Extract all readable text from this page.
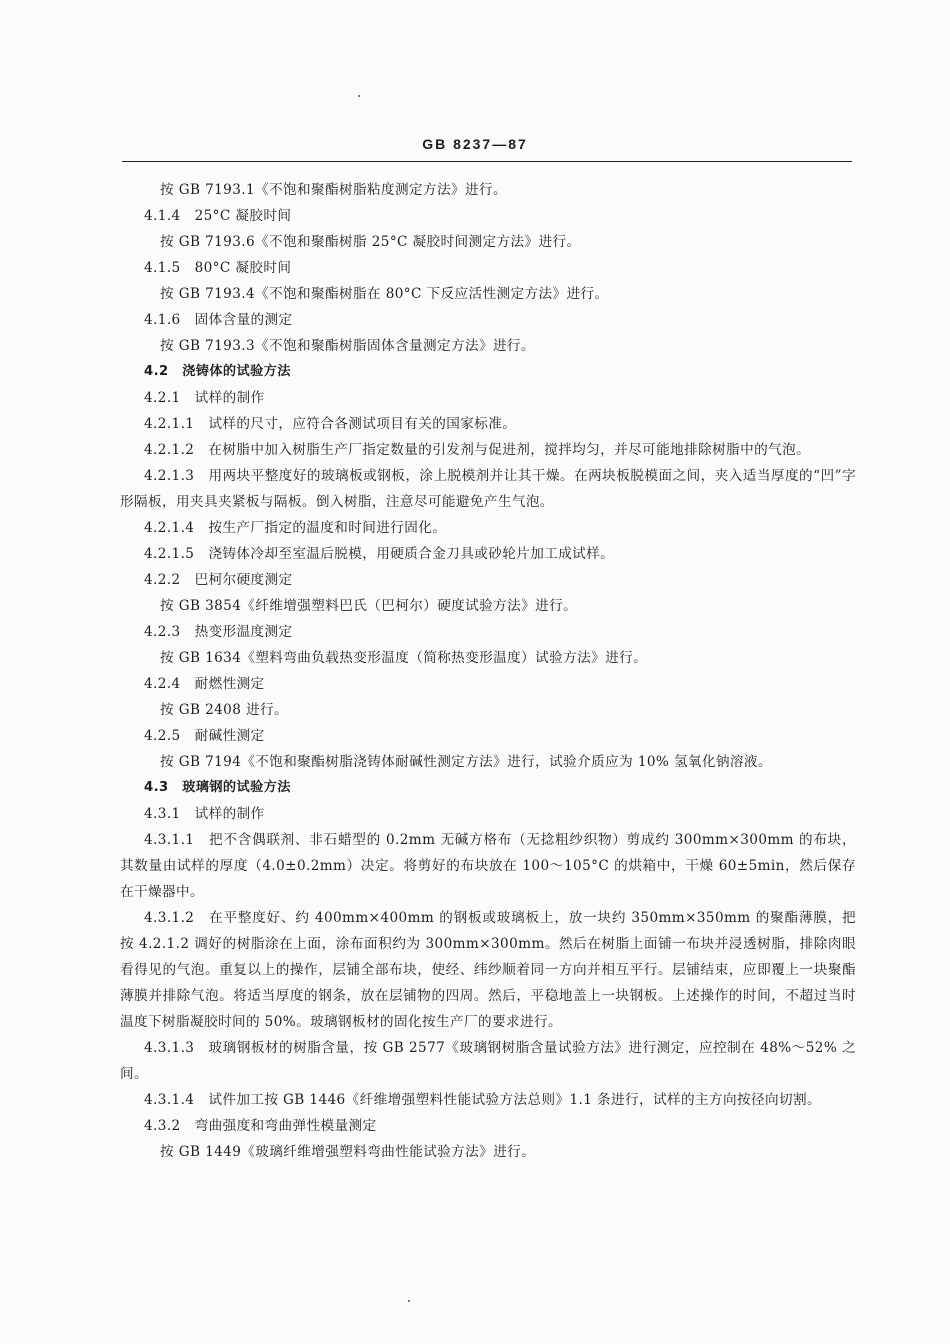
GB 8237—87

按 GB 7193.1《不饱和聚酯树脂粘度测定方法》进行。

4.1.4　25°C 凝胶时间

按 GB 7193.6《不饱和聚酯树脂 25°C 凝胶时间测定方法》进行。

4.1.5　80°C 凝胶时间

按 GB 7193.4《不饱和聚酯树脂在 80°C 下反应活性测定方法》进行。

4.1.6　固体含量的测定

按 GB 7193.3《不饱和聚酯树脂固体含量测定方法》进行。

4.2　浇铸体的试验方法

4.2.1　试样的制作

4.2.1.1　试样的尺寸，应符合各测试项目有关的国家标准。

4.2.1.2　在树脂中加入树脂生产厂指定数量的引发剂与促进剂，搅拌均匀，并尽可能地排除树脂中的气泡。

4.2.1.3　用两块平整度好的玻璃板或钢板，涂上脱模剂并让其干燥。在两块板脱模面之间，夹入适当厚度的“凹”字形隔板，用夹具夹紧板与隔板。倒入树脂，注意尽可能避免产生气泡。

4.2.1.4　按生产厂指定的温度和时间进行固化。

4.2.1.5　浇铸体冷却至室温后脱模，用硬质合金刀具或砂轮片加工成试样。

4.2.2　巴柯尔硬度测定

按 GB 3854《纤维增强塑料巴氏（巴柯尔）硬度试验方法》进行。

4.2.3　热变形温度测定

按 GB 1634《塑料弯曲负载热变形温度（简称热变形温度）试验方法》进行。

4.2.4　耐燃性测定

按 GB 2408 进行。

4.2.5　耐碱性测定

按 GB 7194《不饱和聚酯树脂浇铸体耐碱性测定方法》进行，试验介质应为 10% 氢氧化钠溶液。

4.3　玻璃钢的试验方法

4.3.1　试样的制作

4.3.1.1　把不含偶联剂、非石蜡型的 0.2mm 无碱方格布（无捻粗纱织物）剪成约 300mm×300mm 的布块，其数量由试样的厚度（4.0±0.2mm）决定。将剪好的布块放在 100～105°C 的烘箱中，干燥 60±5min，然后保存在干燥器中。

4.3.1.2　在平整度好、约 400mm×400mm 的钢板或玻璃板上，放一块约 350mm×350mm 的聚酯薄膜，把按 4.2.1.2 调好的树脂涂在上面，涂布面积约为 300mm×300mm。然后在树脂上面铺一布块并浸透树脂，排除肉眼看得见的气泡。重复以上的操作，层铺全部布块，使经、纬纱顺着同一方向并相互平行。层铺结束，应即覆上一块聚酯薄膜并排除气泡。将适当厚度的钢条，放在层铺物的四周。然后，平稳地盖上一块钢板。上述操作的时间，不超过当时温度下树脂凝胶时间的 50%。玻璃钢板材的固化按生产厂的要求进行。

4.3.1.3　玻璃钢板材的树脂含量，按 GB 2577《玻璃钢树脂含量试验方法》进行测定，应控制在 48%～52% 之间。

4.3.1.4　试件加工按 GB 1446《纤维增强塑料性能试验方法总则》1.1 条进行，试样的主方向按径向切割。

4.3.2　弯曲强度和弯曲弹性模量测定

按 GB 1449《玻璃纤维增强塑料弯曲性能试验方法》进行。
